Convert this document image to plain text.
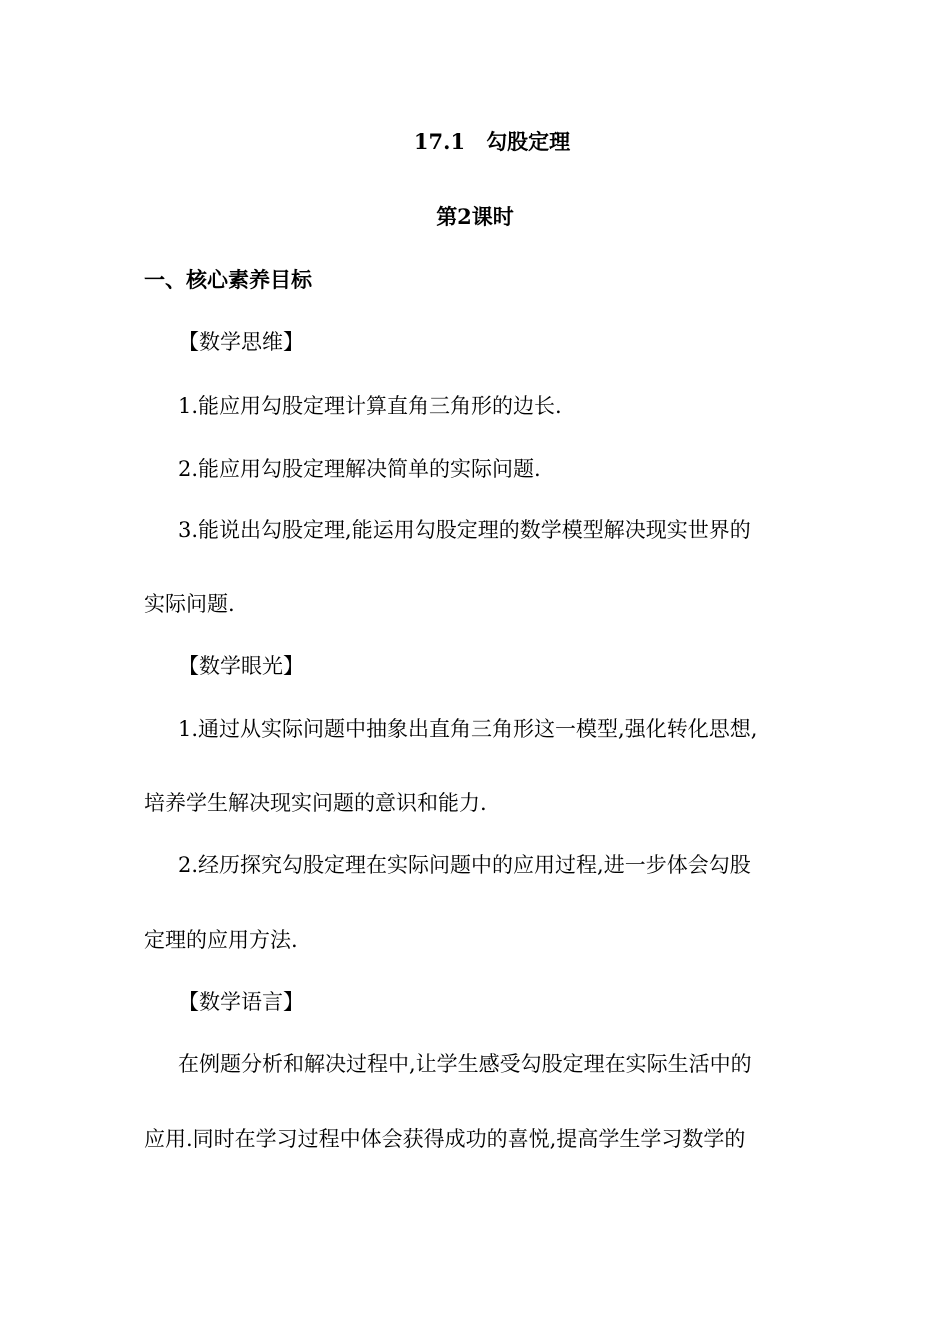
17.1　勾股定理
第2课时
一、核心素养目标
【数学思维】
1.能应用勾股定理计算直角三角形的边长.
2.能应用勾股定理解决简单的实际问题.
3.能说出勾股定理,能运用勾股定理的数学模型解决现实世界的
实际问题.
【数学眼光】
1.通过从实际问题中抽象出直角三角形这一模型,强化转化思想,
培养学生解决现实问题的意识和能力.
2.经历探究勾股定理在实际问题中的应用过程,进一步体会勾股
定理的应用方法.
【数学语言】
在例题分析和解决过程中,让学生感受勾股定理在实际生活中的
应用.同时在学习过程中体会获得成功的喜悦,提高学生学习数学的
